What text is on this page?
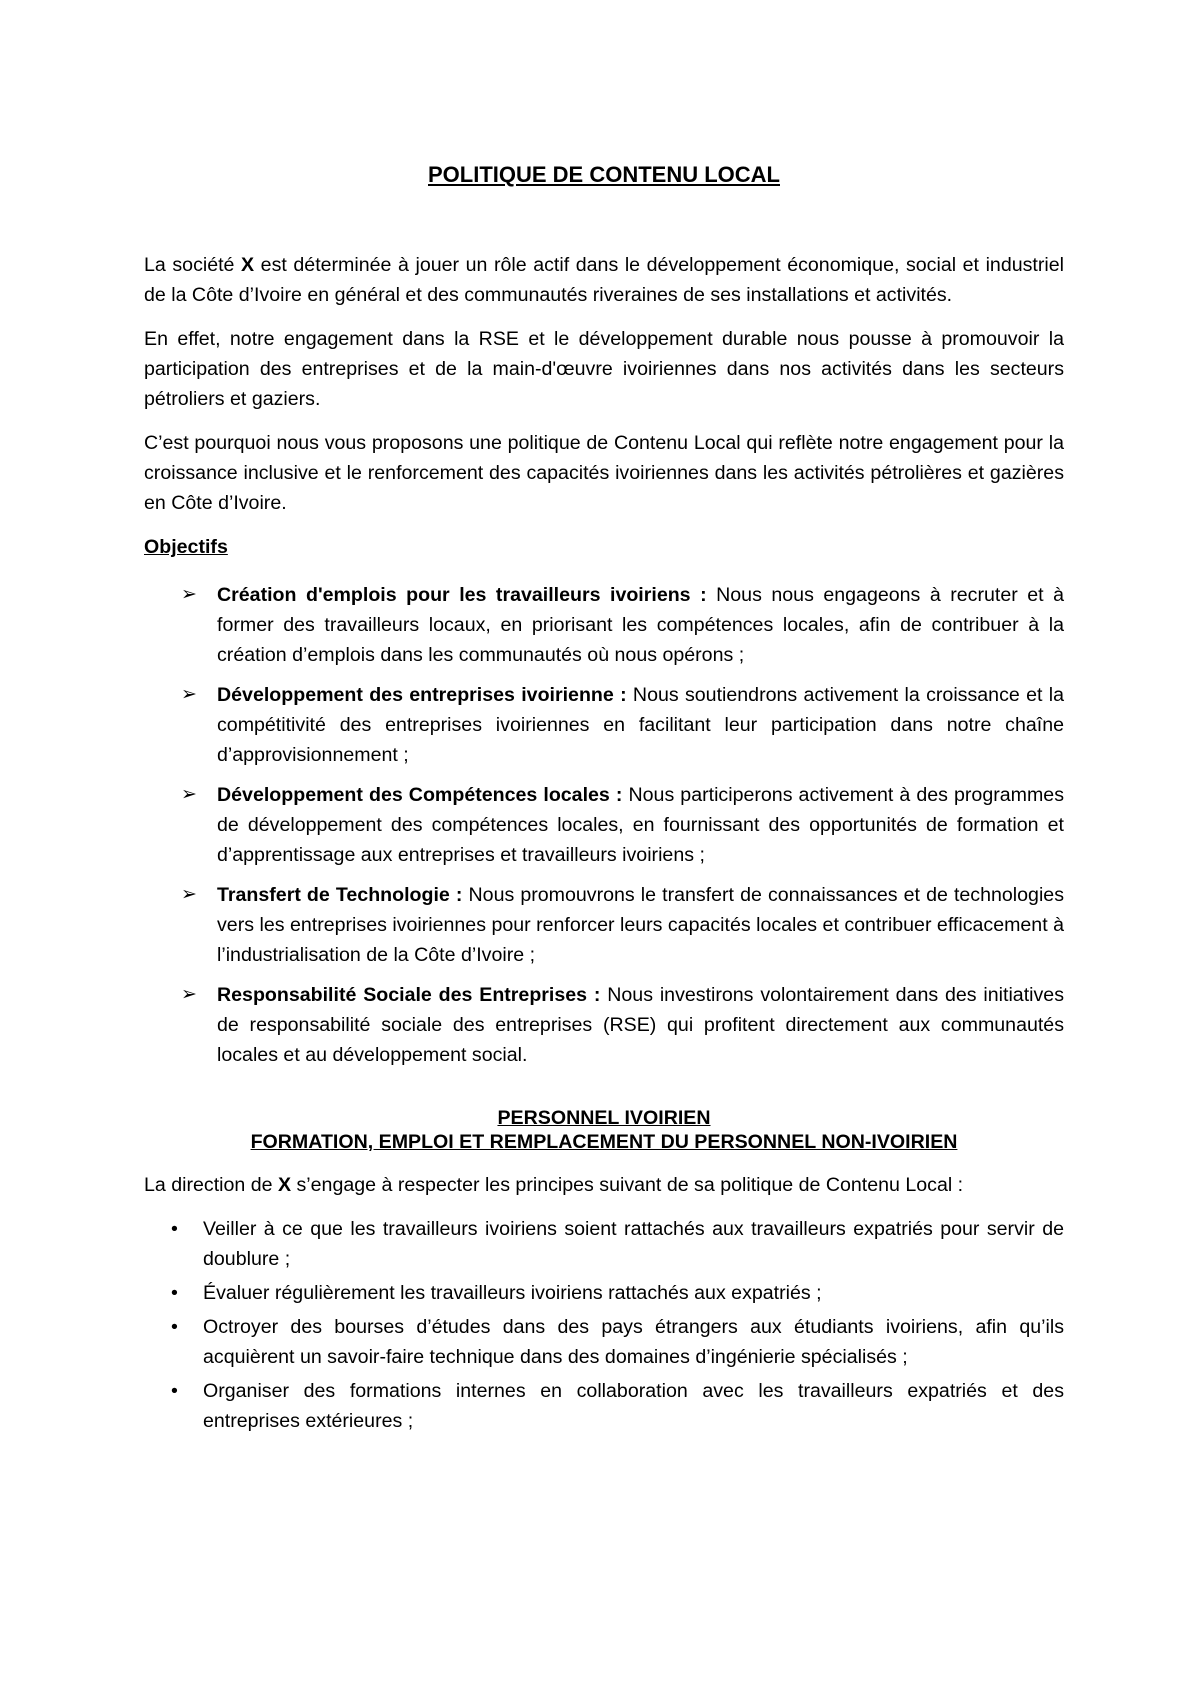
POLITIQUE DE CONTENU LOCAL

La société X est déterminée à jouer un rôle actif dans le développement économique, social et industriel de la Côte d’Ivoire en général et des communautés riveraines de ses installations et activités.

En effet, notre engagement dans la RSE et le développement durable nous pousse à promouvoir la participation des entreprises et de la main-d'œuvre ivoiriennes dans nos activités dans les secteurs pétroliers et gaziers.

C’est pourquoi nous vous proposons une politique de Contenu Local qui reflète notre engagement pour la croissance inclusive et le renforcement des capacités ivoiriennes dans les activités pétrolières et gazières en Côte d’Ivoire.

Objectifs
➢ Création d'emplois pour les travailleurs ivoiriens : Nous nous engageons à recruter et à former des travailleurs locaux, en priorisant les compétences locales, afin de contribuer à la création d’emplois dans les communautés où nous opérons ;
➢ Développement des entreprises ivoirienne : Nous soutiendrons activement la croissance et la compétitivité des entreprises ivoiriennes en facilitant leur participation dans notre chaîne d’approvisionnement ;
➢ Développement des Compétences locales : Nous participerons activement à des programmes de développement des compétences locales, en fournissant des opportunités de formation et d’apprentissage aux entreprises et travailleurs ivoiriens ;
➢ Transfert de Technologie : Nous promouvrons le transfert de connaissances et de technologies vers les entreprises ivoiriennes pour renforcer leurs capacités locales et contribuer efficacement à l’industrialisation de la Côte d’Ivoire ;
➢ Responsabilité Sociale des Entreprises : Nous investirons volontairement dans des initiatives de responsabilité sociale des entreprises (RSE) qui profitent directement aux communautés locales et au développement social.
PERSONNEL IVOIRIEN
FORMATION, EMPLOI ET REMPLACEMENT DU PERSONNEL NON-IVOIRIEN

La direction de X s’engage à respecter les principes suivant de sa politique de Contenu Local :

• Veiller à ce que les travailleurs ivoiriens soient rattachés aux travailleurs expatriés pour servir de doublure ;
• Évaluer régulièrement les travailleurs ivoiriens rattachés aux expatriés ;
• Octroyer des bourses d’études dans des pays étrangers aux étudiants ivoiriens, afin qu’ils acquièrent un savoir-faire technique dans des domaines d’ingénierie spécialisés ;
• Organiser des formations internes en collaboration avec les travailleurs expatriés et des entreprises extérieures ;
